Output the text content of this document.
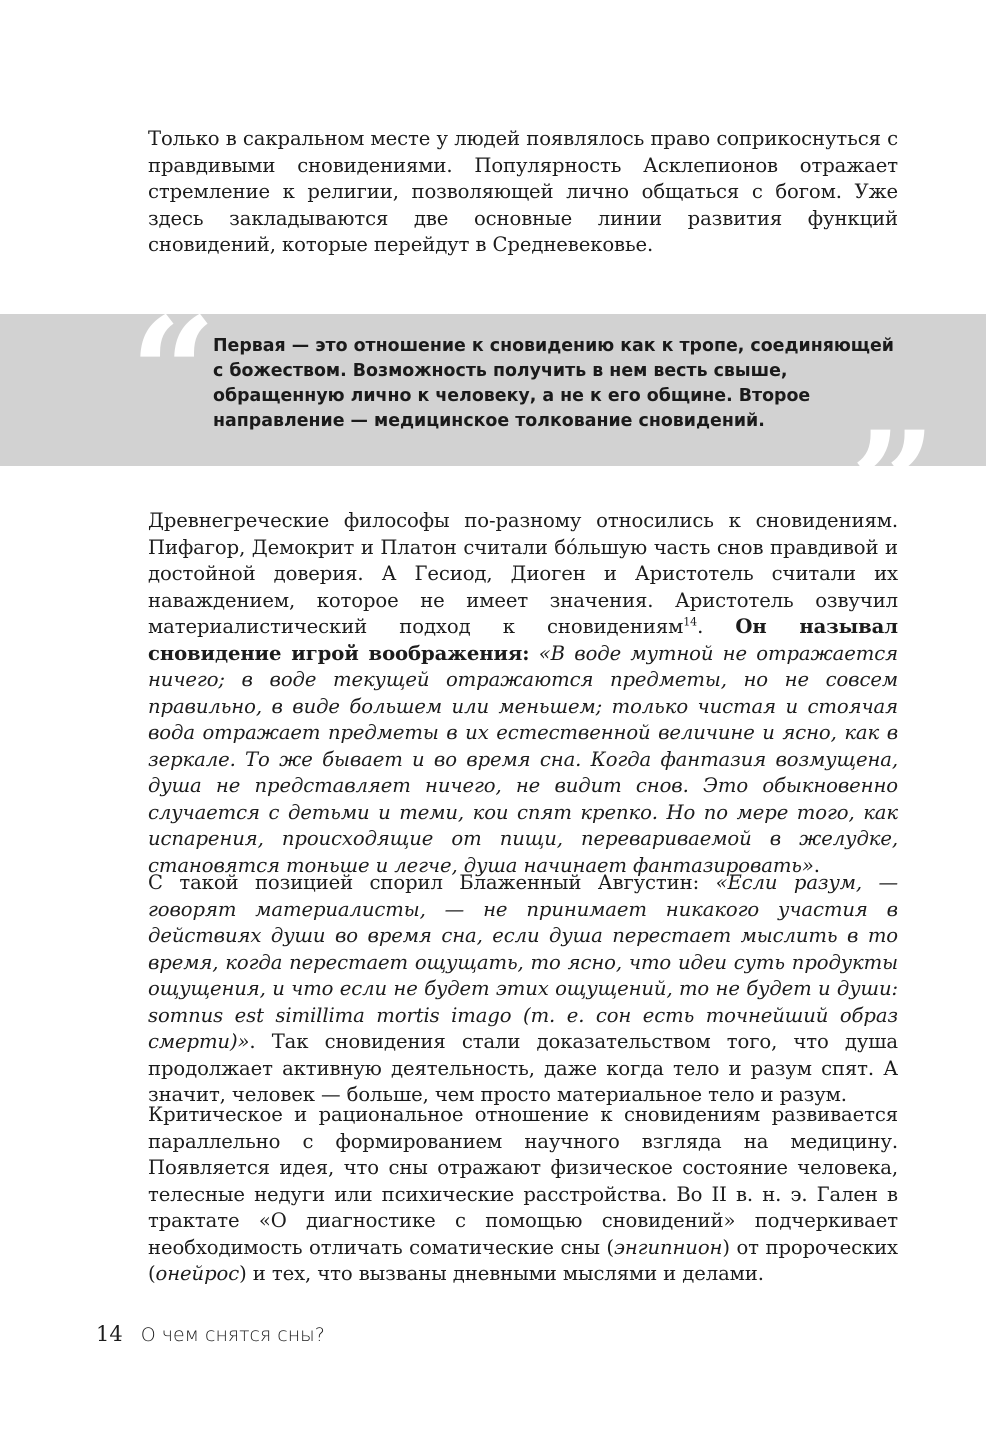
Только в сакральном месте у людей появлялось право соприкоснуться с правдивыми сновидениями. Популярность Асклепионов отражает стремление к религии, позволяющей лично общаться с богом. Уже здесь закладываются две основные линии развития функций сновидений, которые перейдут в Средневековье.

“

Первая — это отношение к сновидению как к тропе, соединяющей с божеством. Возможность получить в нем весть свыше, обращенную лично к человеку, а не к его общине. Второе направление — медицинское толкование сновидений. ”

Древнегреческие философы по-разному относились к сновидениям. Пифагор, Демокрит и Платон считали бóльшую часть снов правдивой и достойной доверия. А Гесиод, Диоген и Аристотель считали их наваждением, которое не имеет значения. Аристотель озвучил материалистический подход к сновидениям$^{14}$. Он называл сновидение игрой воображения: «В воде мутной не отражается ничего; в воде текущей отражаются предметы, но не совсем правильно, в виде большем или меньшем; только чистая и стоячая вода отражает предметы в их естественной величине и ясно, как в зеркале. То же бывает и во время сна. Когда фантазия возмущена, душа не представляет ничего, не видит снов. Это обыкновенно случается с детьми и теми, кои спят крепко. Но по мере того, как испарения, происходящие от пищи, перевариваемой в желудке, становятся тоньше и легче, душа начинает фантазировать».

С такой позицией спорил Блаженный Августин: «Если разум, — говорят материалисты, — не принимает никакого участия в действиях души во время сна, если душа перестает мыслить в то время, когда перестает ощущать, то ясно, что идеи суть продукты ощущения, и что если не будет этих ощущений, то не будет и души: somnus est simillima mortis imago (т. е. сон есть точнейший образ смерти)». Так сновидения стали доказательством того, что душа продолжает активную деятельность, даже когда тело и разум спят. А значит, человек — больше, чем просто материальное тело и разум.

Критическое и рациональное отношение к сновидениям развивается параллельно с формированием научного взгляда на медицину. Появляется идея, что сны отражают физическое состояние человека, телесные недуги или психические расстройства. Во II в. н. э. Гален в трактате «О диагностике с помощью сновидений» подчеркивает необходимость отличать соматические сны (энгипнион) от пророческих (онейрос) и тех, что вызваны дневными мыслями и делами.

14 О чем снятся сны?
